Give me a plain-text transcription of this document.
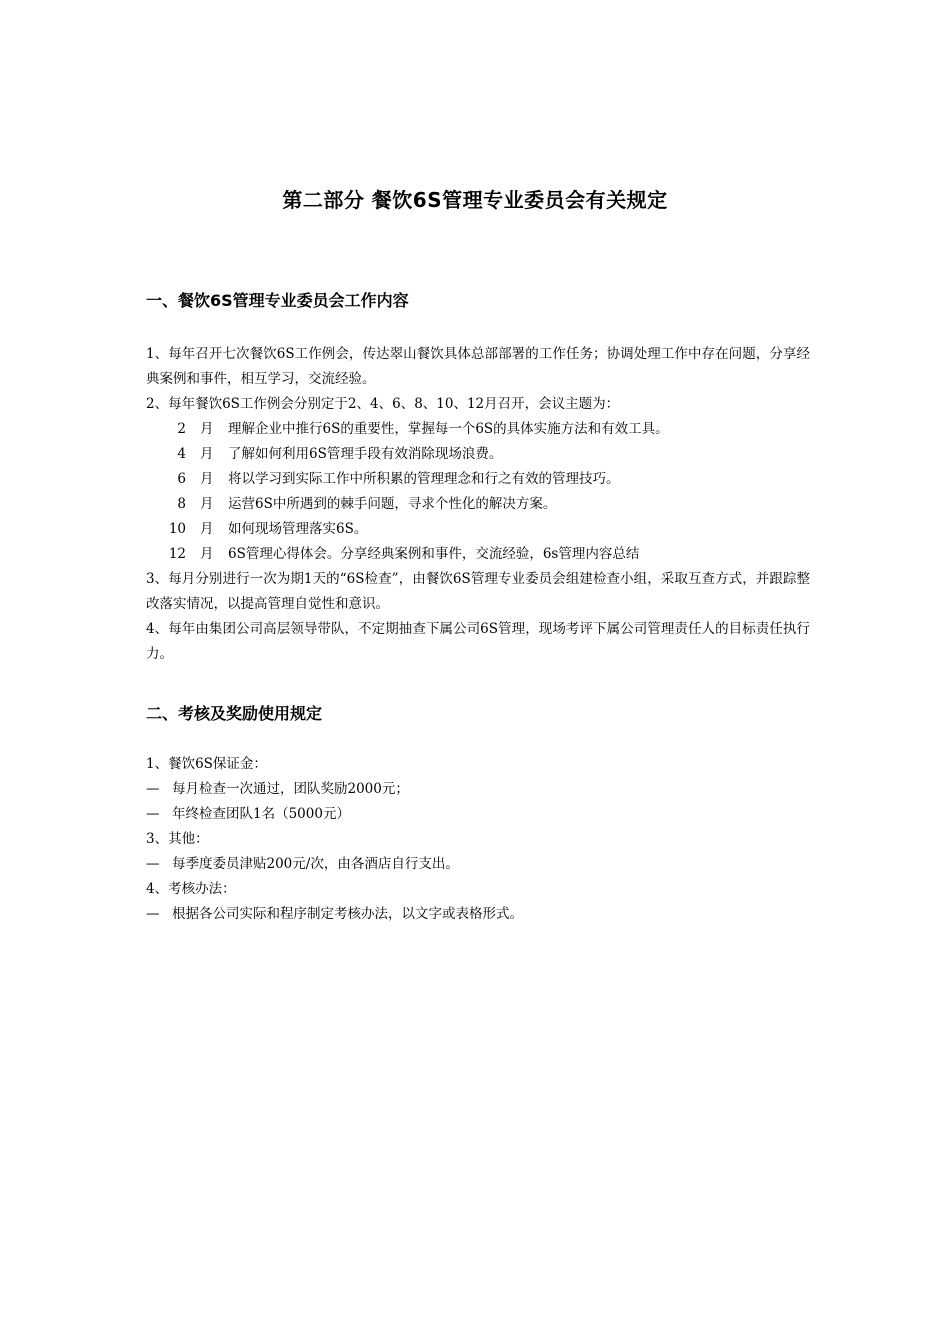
第二部分 餐饮6S管理专业委员会有关规定
一、餐饮6S管理专业委员会工作内容

1、每年召开七次餐饮6S工作例会，传达翠山餐饮具体总部部署的工作任务；协调处理工作中存在问题，分享经典案例和事件，相互学习，交流经验。

2、每年餐饮6S工作例会分别定于2、4、6、8、10、12月召开，会议主题为：

2 月	理解企业中推行6S的重要性，掌握每一个6S的具体实施方法和有效工具。
4 月	了解如何利用6S管理手段有效消除现场浪费。
6 月	将以学习到实际工作中所积累的管理理念和行之有效的管理技巧。
8 月	运营6S中所遇到的棘手问题，寻求个性化的解决方案。
10 月	如何现场管理落实6S。
12 月	6S管理心得体会。分享经典案例和事件，交流经验，6s管理内容总结

3、每月分别进行一次为期1天的“6S检查”，由餐饮6S管理专业委员会组建检查小组，采取互查方式，并跟踪整改落实情况，以提高管理自觉性和意识。

4、每年由集团公司高层领导带队，不定期抽查下属公司6S管理，现场考评下属公司管理责任人的目标责任执行力。

二、考核及奖励使用规定
1、餐饮6S保证金：
— 每月检查一次通过，团队奖励2000元；
— 年终检查团队1名（5000元）
3、其他：
— 每季度委员津贴200元/次，由各酒店自行支出。
4、考核办法：
— 根据各公司实际和程序制定考核办法，以文字或表格形式。
